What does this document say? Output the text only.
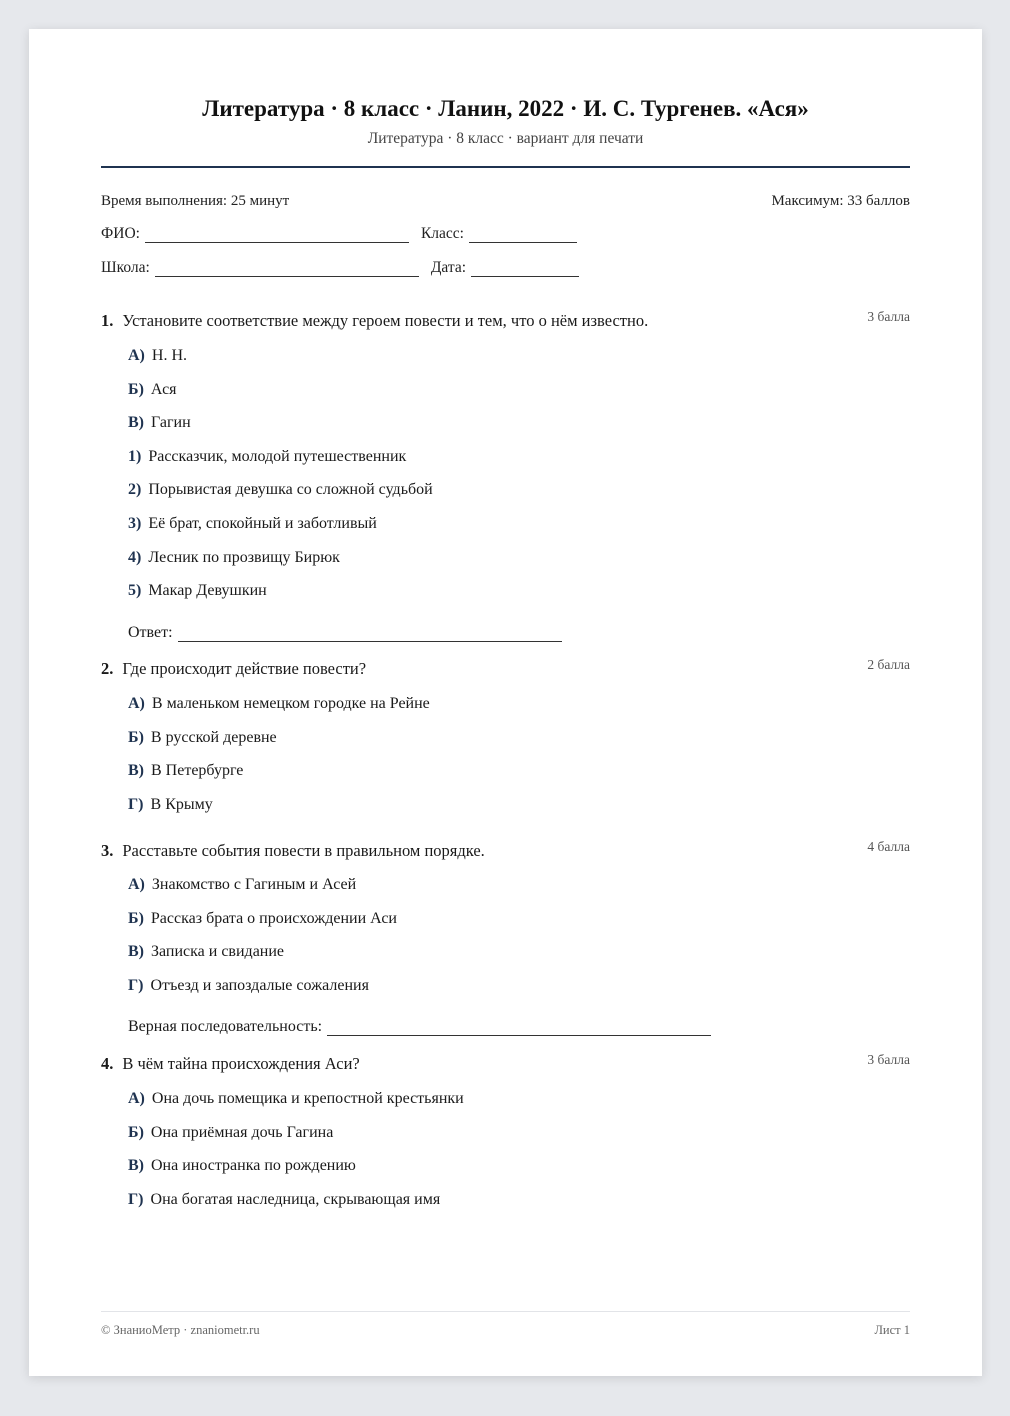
Литература · 8 класс · Ланин, 2022 · И. С. Тургенев. «Ася»
Литература · 8 класс · вариант для печати
Время выполнения: 25 минут	Максимум: 33 баллов
ФИО:	Класс:
Школа:	Дата:
1. Установите соответствие между героем повести и тем, что о нём известно.	3 балла
А) Н. Н.
Б) Ася
В) Гагин
1) Рассказчик, молодой путешественник
2) Порывистая девушка со сложной судьбой
3) Её брат, спокойный и заботливый
4) Лесник по прозвищу Бирюк
5) Макар Девушкин
Ответ:
2. Где происходит действие повести?	2 балла
А) В маленьком немецком городке на Рейне
Б) В русской деревне
В) В Петербурге
Г) В Крыму
3. Расставьте события повести в правильном порядке.	4 балла
А) Знакомство с Гагиным и Асей
Б) Рассказ брата о происхождении Аси
В) Записка и свидание
Г) Отъезд и запоздалые сожаления
Верная последовательность:
4. В чём тайна происхождения Аси?	3 балла
А) Она дочь помещика и крепостной крестьянки
Б) Она приёмная дочь Гагина
В) Она иностранка по рождению
Г) Она богатая наследница, скрывающая имя
© ЗнаниоМетр · znaniometr.ru	Лист 1
